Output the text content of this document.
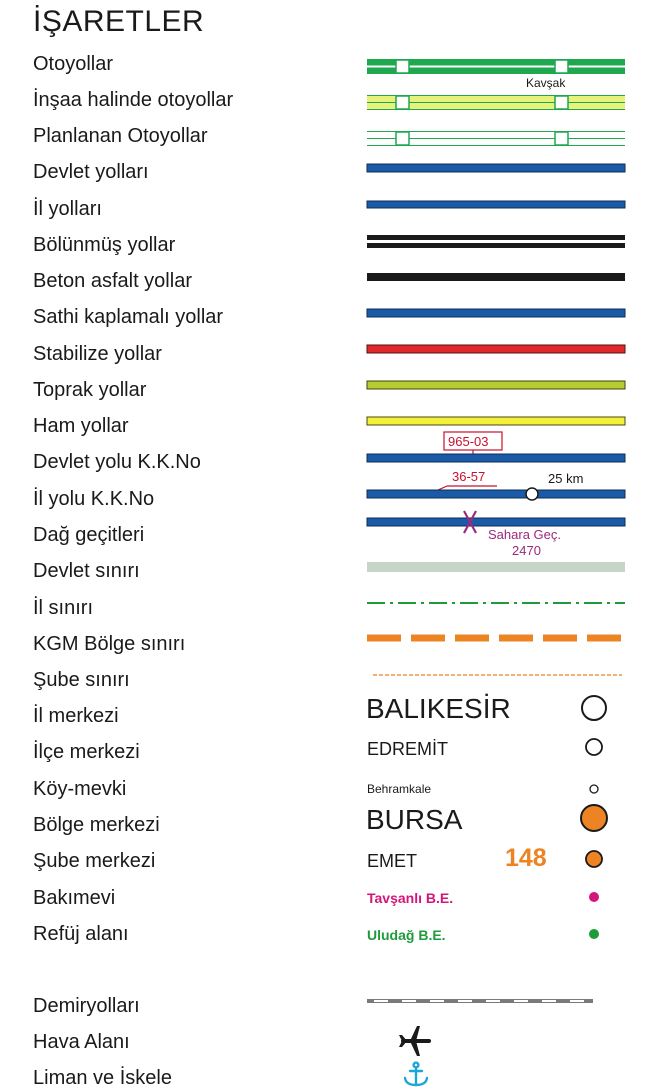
İŞARETLER
Otoyollar
İnşaa halinde otoyollar
Planlanan Otoyollar
Devlet yolları
İl yolları
Bölünmüş yollar
Beton asfalt yollar
Sathi kaplamalı yollar
Stabilize yollar
Toprak yollar
Ham yollar
Devlet yolu K.K.No
İl yolu K.K.No
Dağ geçitleri
Devlet sınırı
İl sınırı
KGM Bölge sınırı
Şube sınırı
İl merkezi
İlçe merkezi
Köy-mevki
Bölge merkezi
Şube merkezi
Bakımevi
Refüj alanı
Demiryolları
Hava Alanı
Liman ve İskele
Kavşak
965-03
36-57	25 km
Sahara Geç.
2470
BALIKESİR
EDREMİT
Behramkale
BURSA
EMET	148
Tavşanlı B.E.
Uludağ B.E.
